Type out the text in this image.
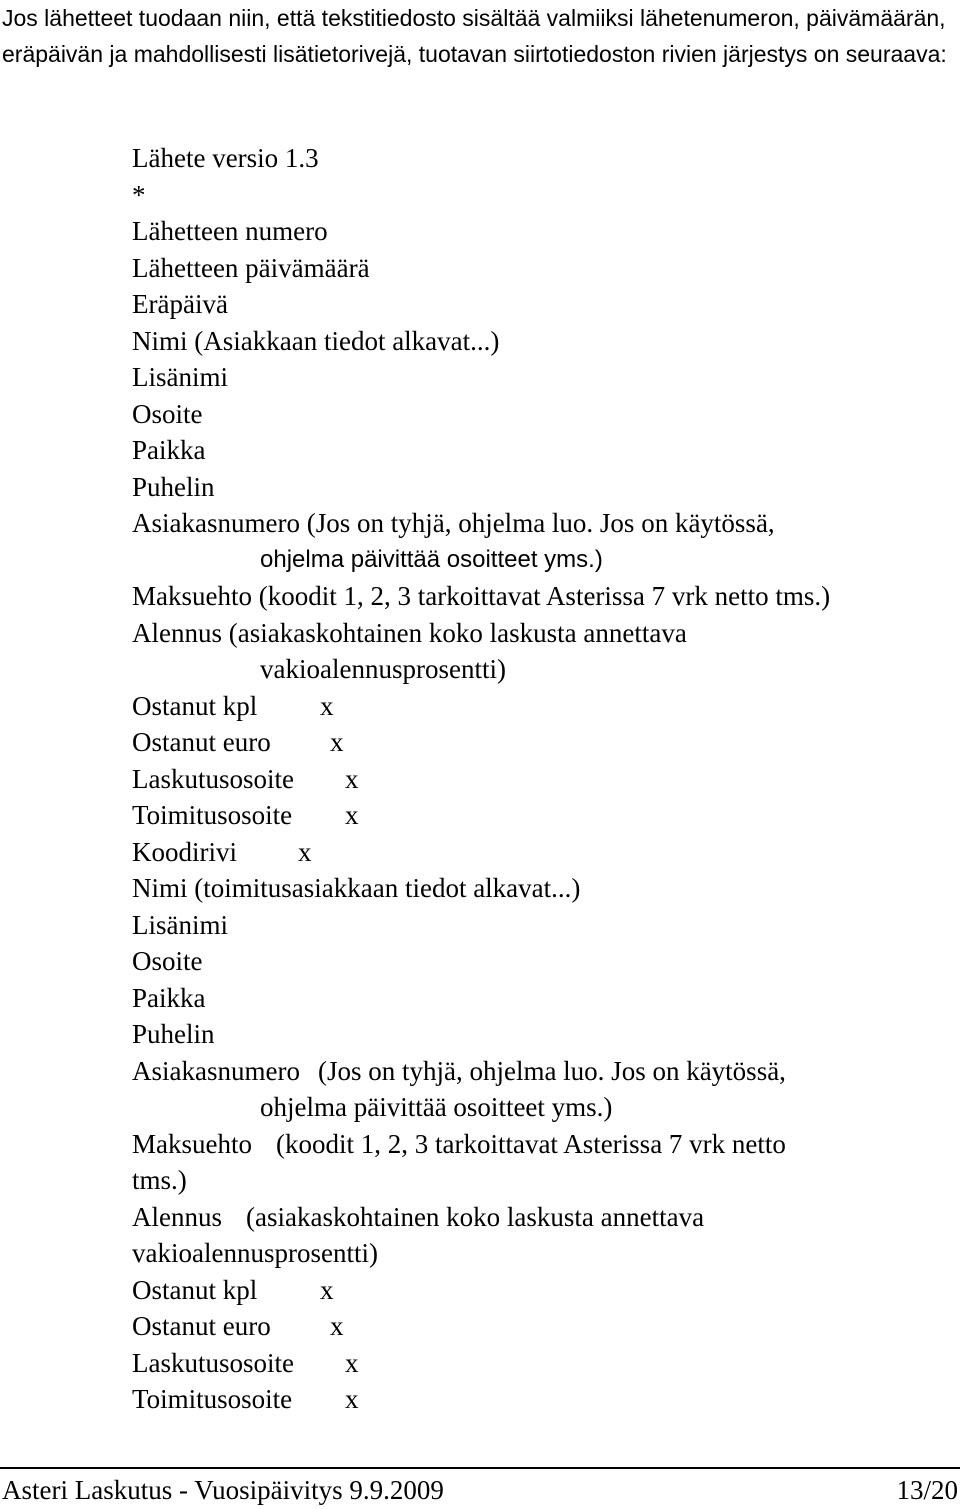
Jos lähetteet tuodaan niin, että tekstitiedosto sisältää valmiiksi lähetenumeron, päivämäärän, eräpäivän ja mahdollisesti lisätietorivejä, tuotavan siirtotiedoston rivien järjestys on seuraava:

Lähete versio 1.3
*
Lähetteen numero
Lähetteen päivämäärä
Eräpäivä
Nimi (Asiakkaan tiedot alkavat...)
Lisänimi
Osoite
Paikka
Puhelin
Asiakasnumero (Jos on tyhjä, ohjelma luo. Jos on käytössä,
ohjelma päivittää osoitteet yms.)
Maksuehto (koodit 1, 2, 3 tarkoittavat Asterissa 7 vrk netto tms.)
Alennus (asiakaskohtainen koko laskusta annettava
vakioalennusprosentti)
Ostanut kpl x
Ostanut euro x
Laskutusosoite x
Toimitusosoite x
Koodirivi x
Nimi (toimitusasiakkaan tiedot alkavat...)
Lisänimi
Osoite
Paikka
Puhelin
Asiakasnumero (Jos on tyhjä, ohjelma luo. Jos on käytössä,
ohjelma päivittää osoitteet yms.)
Maksuehto (koodit 1, 2, 3 tarkoittavat Asterissa 7 vrk netto
tms.)
Alennus (asiakaskohtainen koko laskusta annettava
vakioalennusprosentti)
Ostanut kpl x
Ostanut euro x
Laskutusosoite x
Toimitusosoite x
Asteri Laskutus - Vuosipäivitys 9.9.2009	13/20
